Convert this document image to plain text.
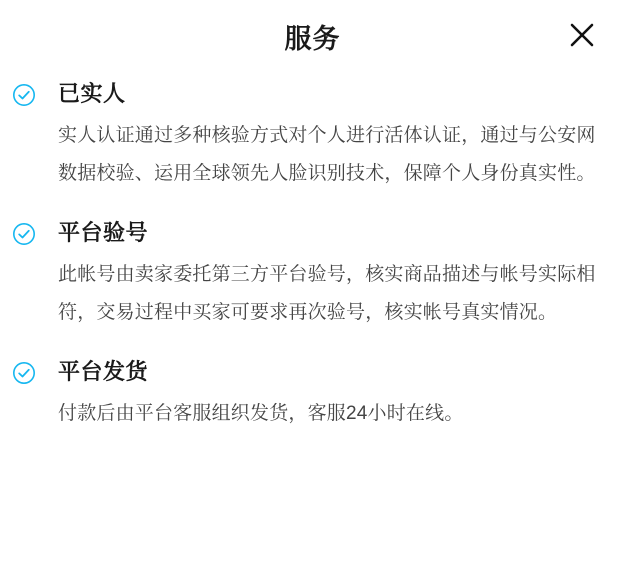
服务
已实人

实人认证通过多种核验方式对个人进行活体认证，通过与公安网数据校验、运用全球领先人脸识别技术，保障个人身份真实性。

平台验号

此帐号由卖家委托第三方平台验号，核实商品描述与帐号实际相符，交易过程中买家可要求再次验号，核实帐号真实情况。

平台发货

付款后由平台客服组织发货，客服24小时在线。
